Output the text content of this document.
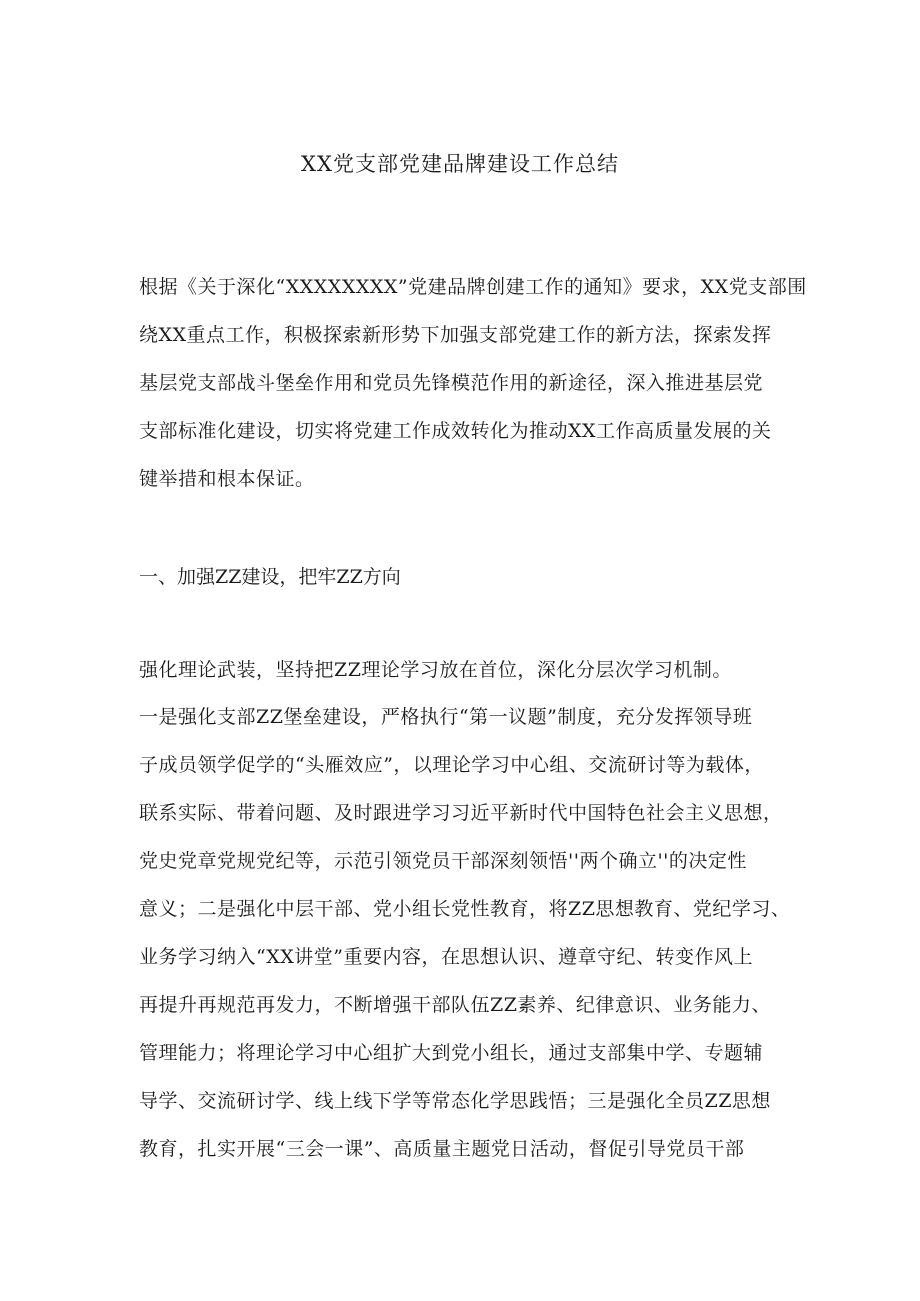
XX党支部党建品牌建设工作总结
根据《关于深化“XXXXXXXX”党建品牌创建工作的通知》要求，XX党支部围
绕XX重点工作，积极探索新形势下加强支部党建工作的新方法，探索发挥
基层党支部战斗堡垒作用和党员先锋模范作用的新途径，深入推进基层党
支部标准化建设，切实将党建工作成效转化为推动XX工作高质量发展的关
键举措和根本保证。
一、加强ZZ建设，把牢ZZ方向
强化理论武装，坚持把ZZ理论学习放在首位，深化分层次学习机制。
一是强化支部ZZ堡垒建设，严格执行“第一议题”制度，充分发挥领导班
子成员领学促学的“头雁效应”，以理论学习中心组、交流研讨等为载体，
联系实际、带着问题、及时跟进学习习近平新时代中国特色社会主义思想，
党史党章党规党纪等，示范引领党员干部深刻领悟''两个确立''的决定性
意义；二是强化中层干部、党小组长党性教育，将ZZ思想教育、党纪学习、
业务学习纳入“XX讲堂”重要内容，在思想认识、遵章守纪、转变作风上
再提升再规范再发力，不断增强干部队伍ZZ素养、纪律意识、业务能力、
管理能力；将理论学习中心组扩大到党小组长，通过支部集中学、专题辅
导学、交流研讨学、线上线下学等常态化学思践悟；三是强化全员ZZ思想
教育，扎实开展“三会一课”、高质量主题党日活动，督促引导党员干部
